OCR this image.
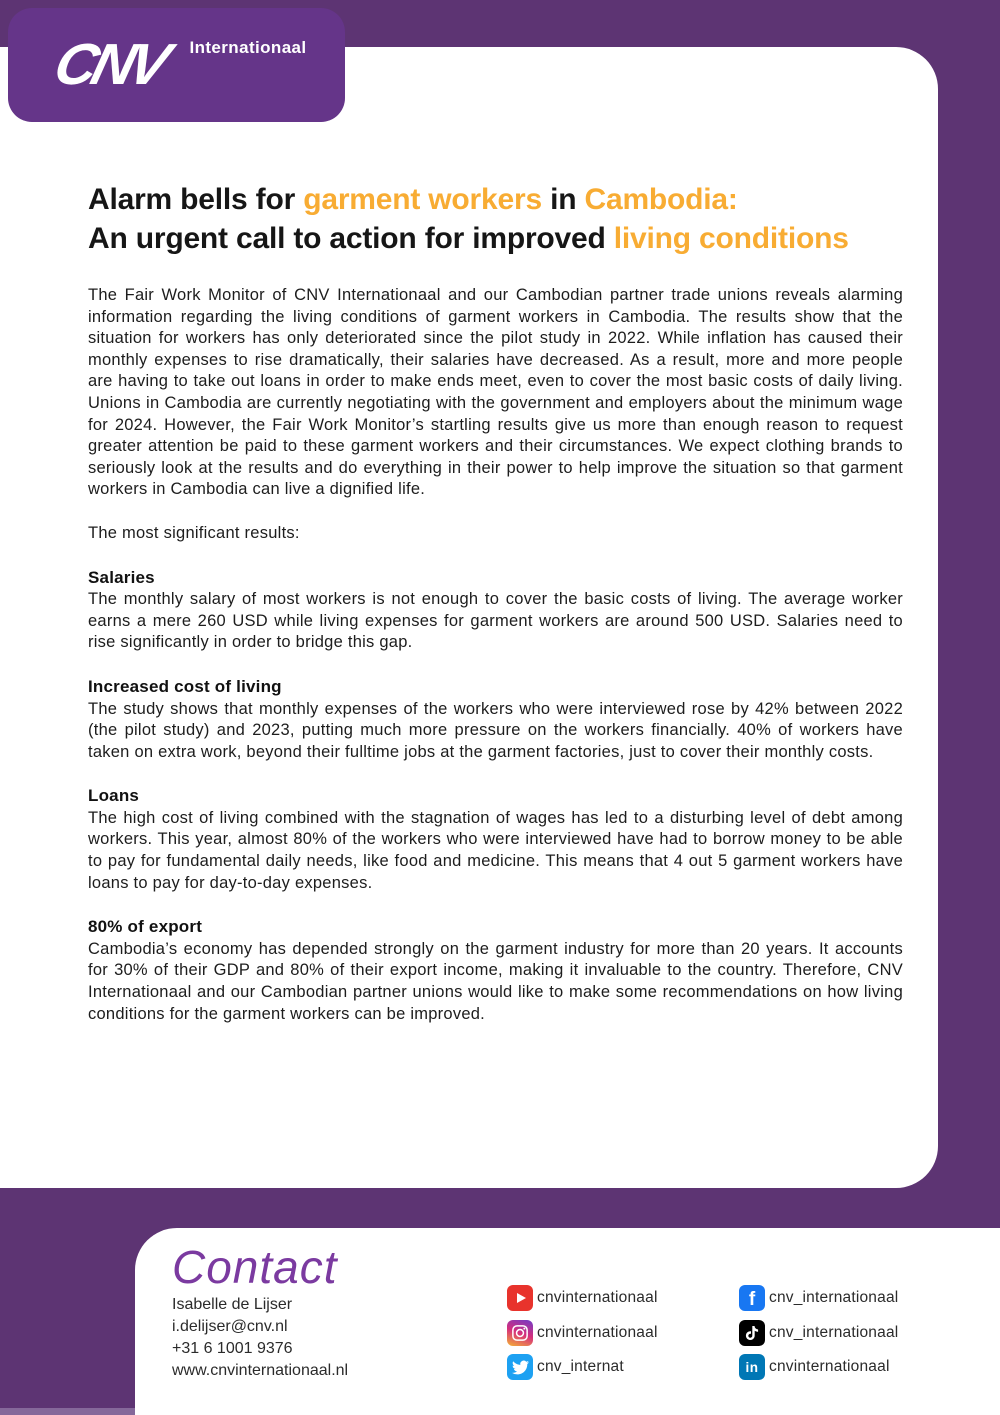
CNV Internationaal
Alarm bells for garment workers in Cambodia:
An urgent call to action for improved living conditions

The Fair Work Monitor of CNV Internationaal and our Cambodian partner trade unions reveals alarming information regarding the living conditions of garment workers in Cambodia. The results show that the situation for workers has only deteriorated since the pilot study in 2022. While inflation has caused their monthly expenses to rise dramatically, their salaries have decreased. As a result, more and more people are having to take out loans in order to make ends meet, even to cover the most basic costs of daily living. Unions in Cambodia are currently negotiating with the government and employers about the minimum wage for 2024. However, the Fair Work Monitor’s startling results give us more than enough reason to request greater attention be paid to these garment workers and their circumstances. We expect clothing brands to seriously look at the results and do everything in their power to help improve the situation so that garment workers in Cambodia can live a dignified life.

The most significant results:

Salaries

The monthly salary of most workers is not enough to cover the basic costs of living. The average worker earns a mere 260 USD while living expenses for garment workers are around 500 USD. Salaries need to rise significantly in order to bridge this gap.

Increased cost of living

The study shows that monthly expenses of the workers who were interviewed rose by 42% between 2022 (the pilot study) and 2023, putting much more pressure on the workers financially. 40% of workers have taken on extra work, beyond their fulltime jobs at the garment factories, just to cover their monthly costs.

Loans

The high cost of living combined with the stagnation of wages has led to a disturbing level of debt among workers. This year, almost 80% of the workers who were interviewed have had to borrow money to be able to pay for fundamental daily needs, like food and medicine. This means that 4 out 5 garment workers have loans to pay for day-to-day expenses.

80% of export

Cambodia’s economy has depended strongly on the garment industry for more than 20 years. It accounts for 30% of their GDP and 80% of their export income, making it invaluable to the country. Therefore, CNV Internationaal and our Cambodian partner unions would like to make some recommendations on how living conditions for the garment workers can be improved.

Contact
Isabelle de Lijser
i.delijser@cnv.nl
+31 6 1001 9376
www.cnvinternationaal.nl
cnvinternationaal
cnvinternationaal
cnv_internat
f cnv_internationaal
cnv_internationaal
in cnvinternationaal
